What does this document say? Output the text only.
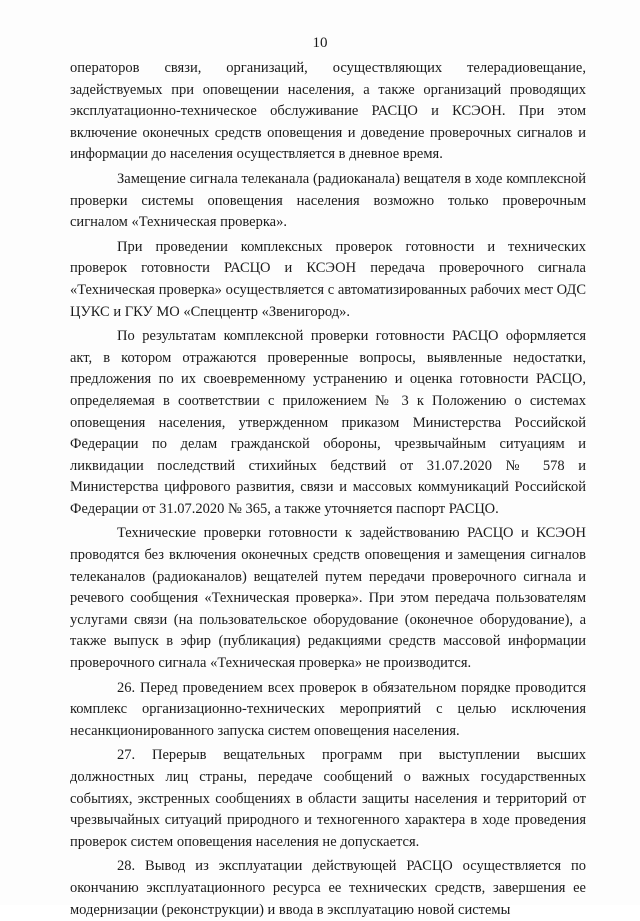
10

операторов связи, организаций, осуществляющих телерадиовещание, задействуемых при оповещении населения, а также организаций проводящих эксплуатационно-техническое обслуживание РАСЦО и КСЭОН. При этом включение оконечных средств оповещения и доведение проверочных сигналов и информации до населения осуществляется в дневное время.

Замещение сигнала телеканала (радиоканала) вещателя в ходе комплексной проверки системы оповещения населения возможно только проверочным сигналом «Техническая проверка».

При проведении комплексных проверок готовности и технических проверок готовности РАСЦО и КСЭОН передача проверочного сигнала «Техническая проверка» осуществляется с автоматизированных рабочих мест ОДС ЦУКС и ГКУ МО «Спеццентр «Звенигород».

По результатам комплексной проверки готовности РАСЦО оформляется акт, в котором отражаются проверенные вопросы, выявленные недостатки, предложения по их своевременному устранению и оценка готовности РАСЦО, определяемая в соответствии с приложением № 3 к Положению о системах оповещения населения, утвержденном приказом Министерства Российской Федерации по делам гражданской обороны, чрезвычайным ситуациям и ликвидации последствий стихийных бедствий от 31.07.2020 № 578 и Министерства цифрового развития, связи и массовых коммуникаций Российской Федерации от 31.07.2020 № 365, а также уточняется паспорт РАСЦО.

Технические проверки готовности к задействованию РАСЦО и КСЭОН проводятся без включения оконечных средств оповещения и замещения сигналов телеканалов (радиоканалов) вещателей путем передачи проверочного сигнала и речевого сообщения «Техническая проверка». При этом передача пользователям услугами связи (на пользовательское оборудование (оконечное оборудование), а также выпуск в эфир (публикация) редакциями средств массовой информации проверочного сигнала «Техническая проверка» не производится.

26. Перед проведением всех проверок в обязательном порядке проводится комплекс организационно-технических мероприятий с целью исключения несанкционированного запуска систем оповещения населения.

27. Перерыв вещательных программ при выступлении высших должностных лиц страны, передаче сообщений о важных государственных событиях, экстренных сообщениях в области защиты населения и территорий от чрезвычайных ситуаций природного и техногенного характера в ходе проведения проверок систем оповещения населения не допускается.

28. Вывод из эксплуатации действующей РАСЦО осуществляется по окончанию эксплуатационного ресурса ее технических средств, завершения ее модернизации (реконструкции) и ввода в эксплуатацию новой системы
